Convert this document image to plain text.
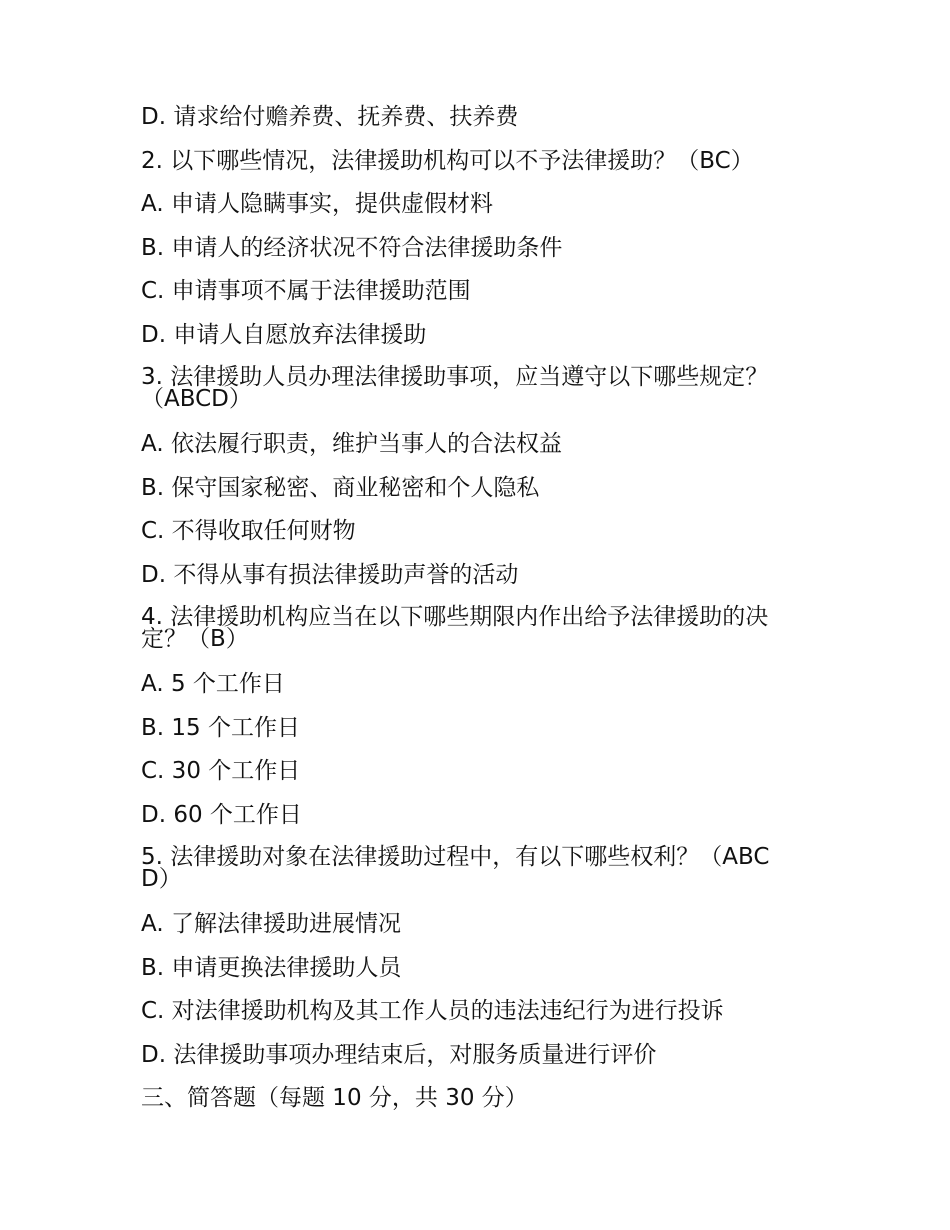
D. 请求给付赡养费、抚养费、扶养费

2. 以下哪些情况，法律援助机构可以不予法律援助？（BC）

A. 申请人隐瞒事实，提供虚假材料

B. 申请人的经济状况不符合法律援助条件

C. 申请事项不属于法律援助范围

D. 申请人自愿放弃法律援助

3. 法律援助人员办理法律援助事项，应当遵守以下哪些规定？（ABCD）

A. 依法履行职责，维护当事人的合法权益

B. 保守国家秘密、商业秘密和个人隐私

C. 不得收取任何财物

D. 不得从事有损法律援助声誉的活动

4. 法律援助机构应当在以下哪些期限内作出给予法律援助的决定？（B）

A. 5 个工作日

B. 15 个工作日

C. 30 个工作日

D. 60 个工作日

5. 法律援助对象在法律援助过程中，有以下哪些权利？（ABCD）

A. 了解法律援助进展情况

B. 申请更换法律援助人员

C. 对法律援助机构及其工作人员的违法违纪行为进行投诉

D. 法律援助事项办理结束后，对服务质量进行评价

三、简答题（每题 10 分，共 30 分）
